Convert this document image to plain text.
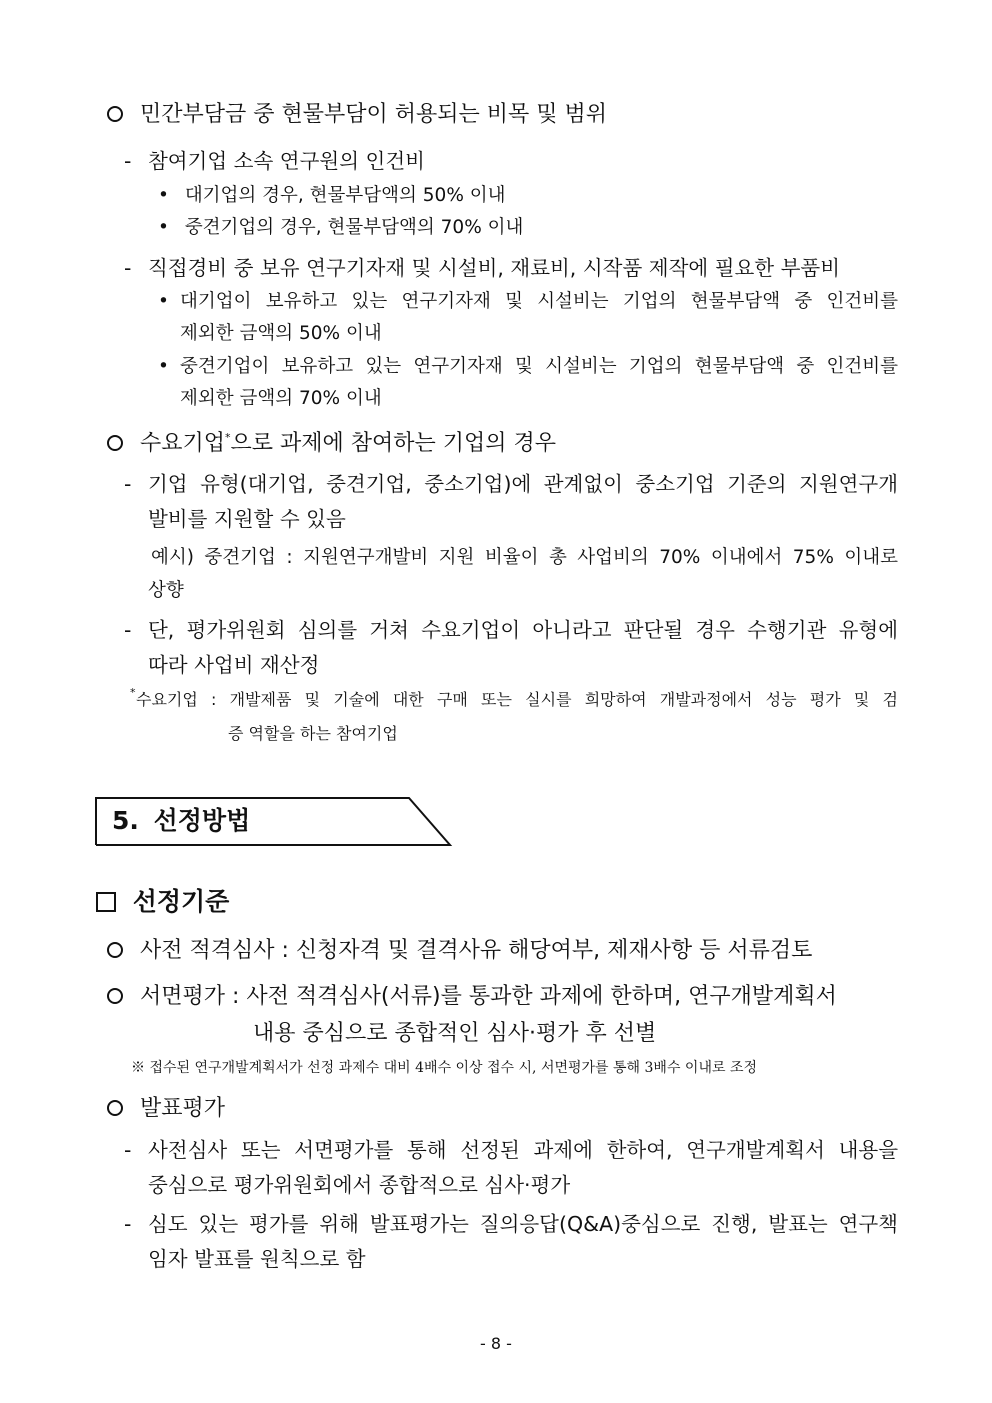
민간부담금 중 현물부담이 허용되는 비목 및 범위
- 참여기업 소속 연구원의 인건비
• 대기업의 경우, 현물부담액의 50% 이내
• 중견기업의 경우, 현물부담액의 70% 이내
- 직접경비 중 보유 연구기자재 및 시설비, 재료비, 시작품 제작에 필요한 부품비
• 대기업이 보유하고 있는 연구기자재 및 시설비는 기업의 현물부담액 중 인건비를
제외한 금액의 50% 이내
• 중견기업이 보유하고 있는 연구기자재 및 시설비는 기업의 현물부담액 중 인건비를
제외한 금액의 70% 이내
수요기업*으로 과제에 참여하는 기업의 경우
- 기업 유형(대기업, 중견기업, 중소기업)에 관계없이 중소기업 기준의 지원연구개
발비를 지원할 수 있음
예시) 중견기업 : 지원연구개발비 지원 비율이 총 사업비의 70% 이내에서 75% 이내로
상향
- 단, 평가위원회 심의를 거쳐 수요기업이 아니라고 판단될 경우 수행기관 유형에
따라 사업비 재산정
* 수요기업 : 개발제품 및 기술에 대한 구매 또는 실시를 희망하여 개발과정에서 성능 평가 및 검
증 역할을 하는 참여기업
5. 선정방법
선정기준
사전 적격심사 : 신청자격 및 결격사유 해당여부, 제재사항 등 서류검토
서면평가 : 사전 적격심사(서류)를 통과한 과제에 한하며, 연구개발계획서
내용 중심으로 종합적인 심사·평가 후 선별
※ 접수된 연구개발계획서가 선정 과제수 대비 4배수 이상 접수 시, 서면평가를 통해 3배수 이내로 조정
발표평가
- 사전심사 또는 서면평가를 통해 선정된 과제에 한하여, 연구개발계획서 내용을
중심으로 평가위원회에서 종합적으로 심사·평가
- 심도 있는 평가를 위해 발표평가는 질의응답(Q&A)중심으로 진행, 발표는 연구책
임자 발표를 원칙으로 함
- 8 -
